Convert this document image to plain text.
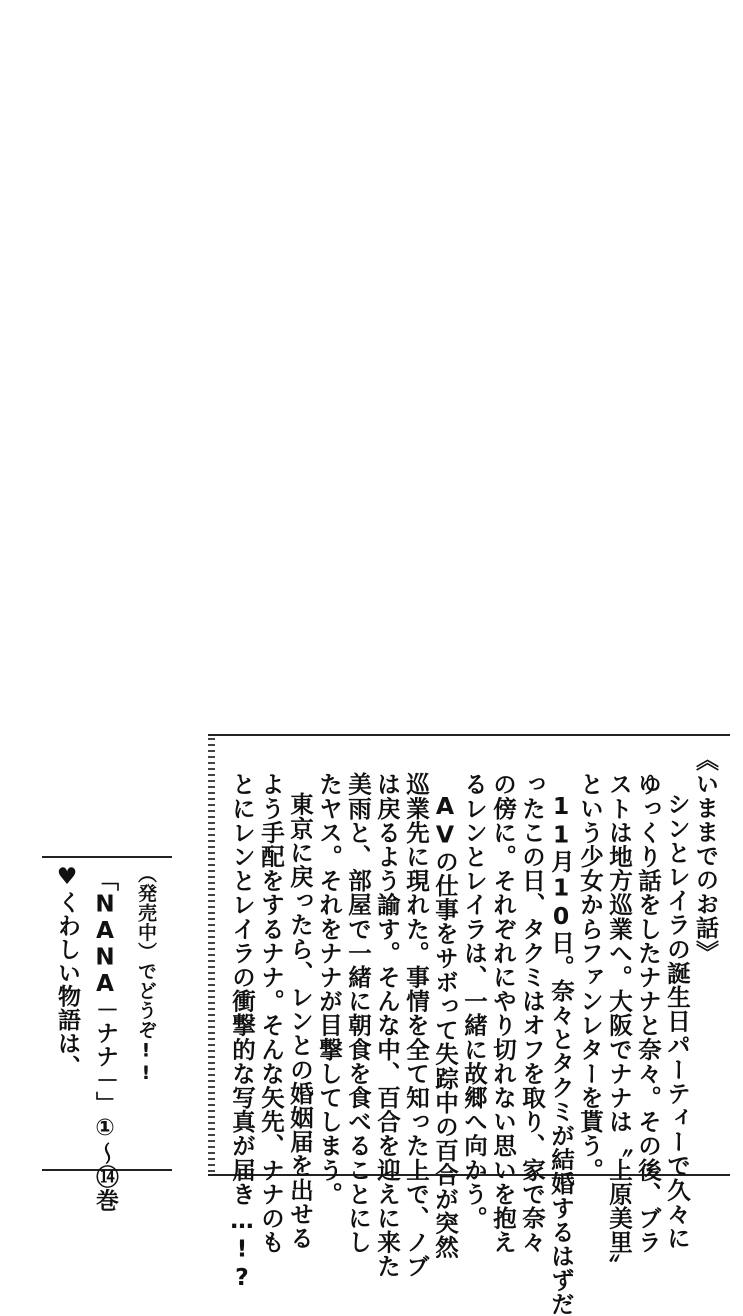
《いままでのお話》
シンとレイラの誕生日パーティーで久々に
ゆっくり話をしたナナと奈々。その後、ブラ
ストは地方巡業へ。大阪でナナは〝上原美里〟
という少女からファンレターを貰う。
11月10日。奈々とタクミが結婚するはずだ
ったこの日、タクミはオフを取り、家で奈々
の傍に。それぞれにやり切れない思いを抱え
るレンとレイラは、一緒に故郷へ向かう。
AVの仕事をサボって失踪中の百合が突然
巡業先に現れた。事情を全て知った上で、ノブ
は戻るよう諭す。そんな中、百合を迎えに来た
美雨と、部屋で一緒に朝食を食べることにし
たヤス。それをナナが目撃してしまう。
東京に戻ったら、レンとの婚姻届を出せる
よう手配をするナナ。そんな矢先、ナナのも
とにレンとレイラの衝撃的な写真が届き…!?
♥くわしい物語は、 「NANA－ナナ－」①～⑭巻 （発売中）でどうぞ!!
